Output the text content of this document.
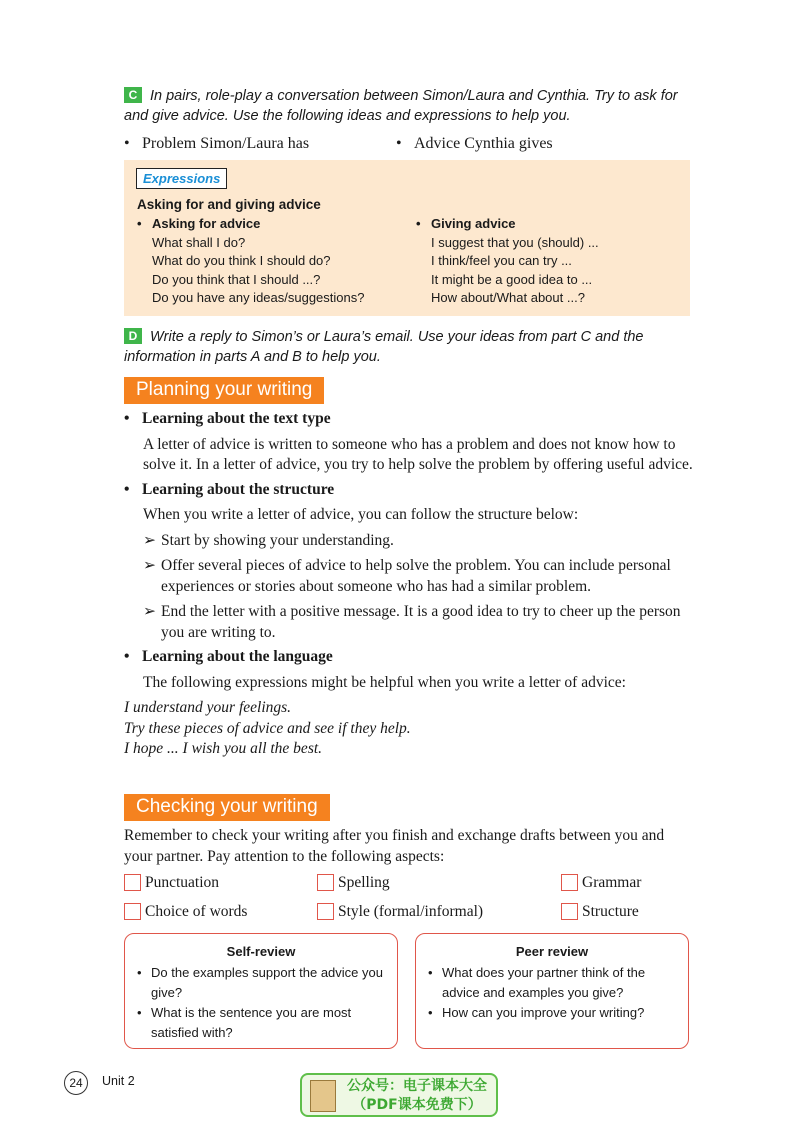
C In pairs, role-play a conversation between Simon/Laura and Cynthia. Try to ask for and give advice. Use the following ideas and expressions to help you.
• Problem Simon/Laura has	• Advice Cynthia gives
Expressions
Asking for and giving advice
• Asking for advice
What shall I do?
What do you think I should do?
Do you think that I should ...?
Do you have any ideas/suggestions?
• Giving advice
I suggest that you (should) ...
I think/feel you can try ...
It might be a good idea to ...
How about/What about ...?
D Write a reply to Simon’s or Laura’s email. Use your ideas from part C and the information in parts A and B to help you.
Planning your writing
• Learning about the text type
A letter of advice is written to someone who has a problem and does not know how to solve it. In a letter of advice, you try to help solve the problem by offering useful advice.
• Learning about the structure
When you write a letter of advice, you can follow the structure below:
➢ Start by showing your understanding.
➢ Offer several pieces of advice to help solve the problem. You can include personal experiences or stories about someone who has had a similar problem.
➢ End the letter with a positive message. It is a good idea to try to cheer up the person you are writing to.
• Learning about the language
The following expressions might be helpful when you write a letter of advice:
I understand your feelings.
Try these pieces of advice and see if they help.
I hope ... I wish you all the best.
Checking your writing
Remember to check your writing after you finish and exchange drafts between you and your partner. Pay attention to the following aspects:
Punctuation	Spelling	Grammar
Choice of words	Style (formal/informal)	Structure
Self-review
• Do the examples support the advice you give?
• What is the sentence you are most satisfied with?
Peer review
• What does your partner think of the advice and examples you give?
• How can you improve your writing?
24	Unit 2	公众号：电子课本大全
（PDF课本免费下）
